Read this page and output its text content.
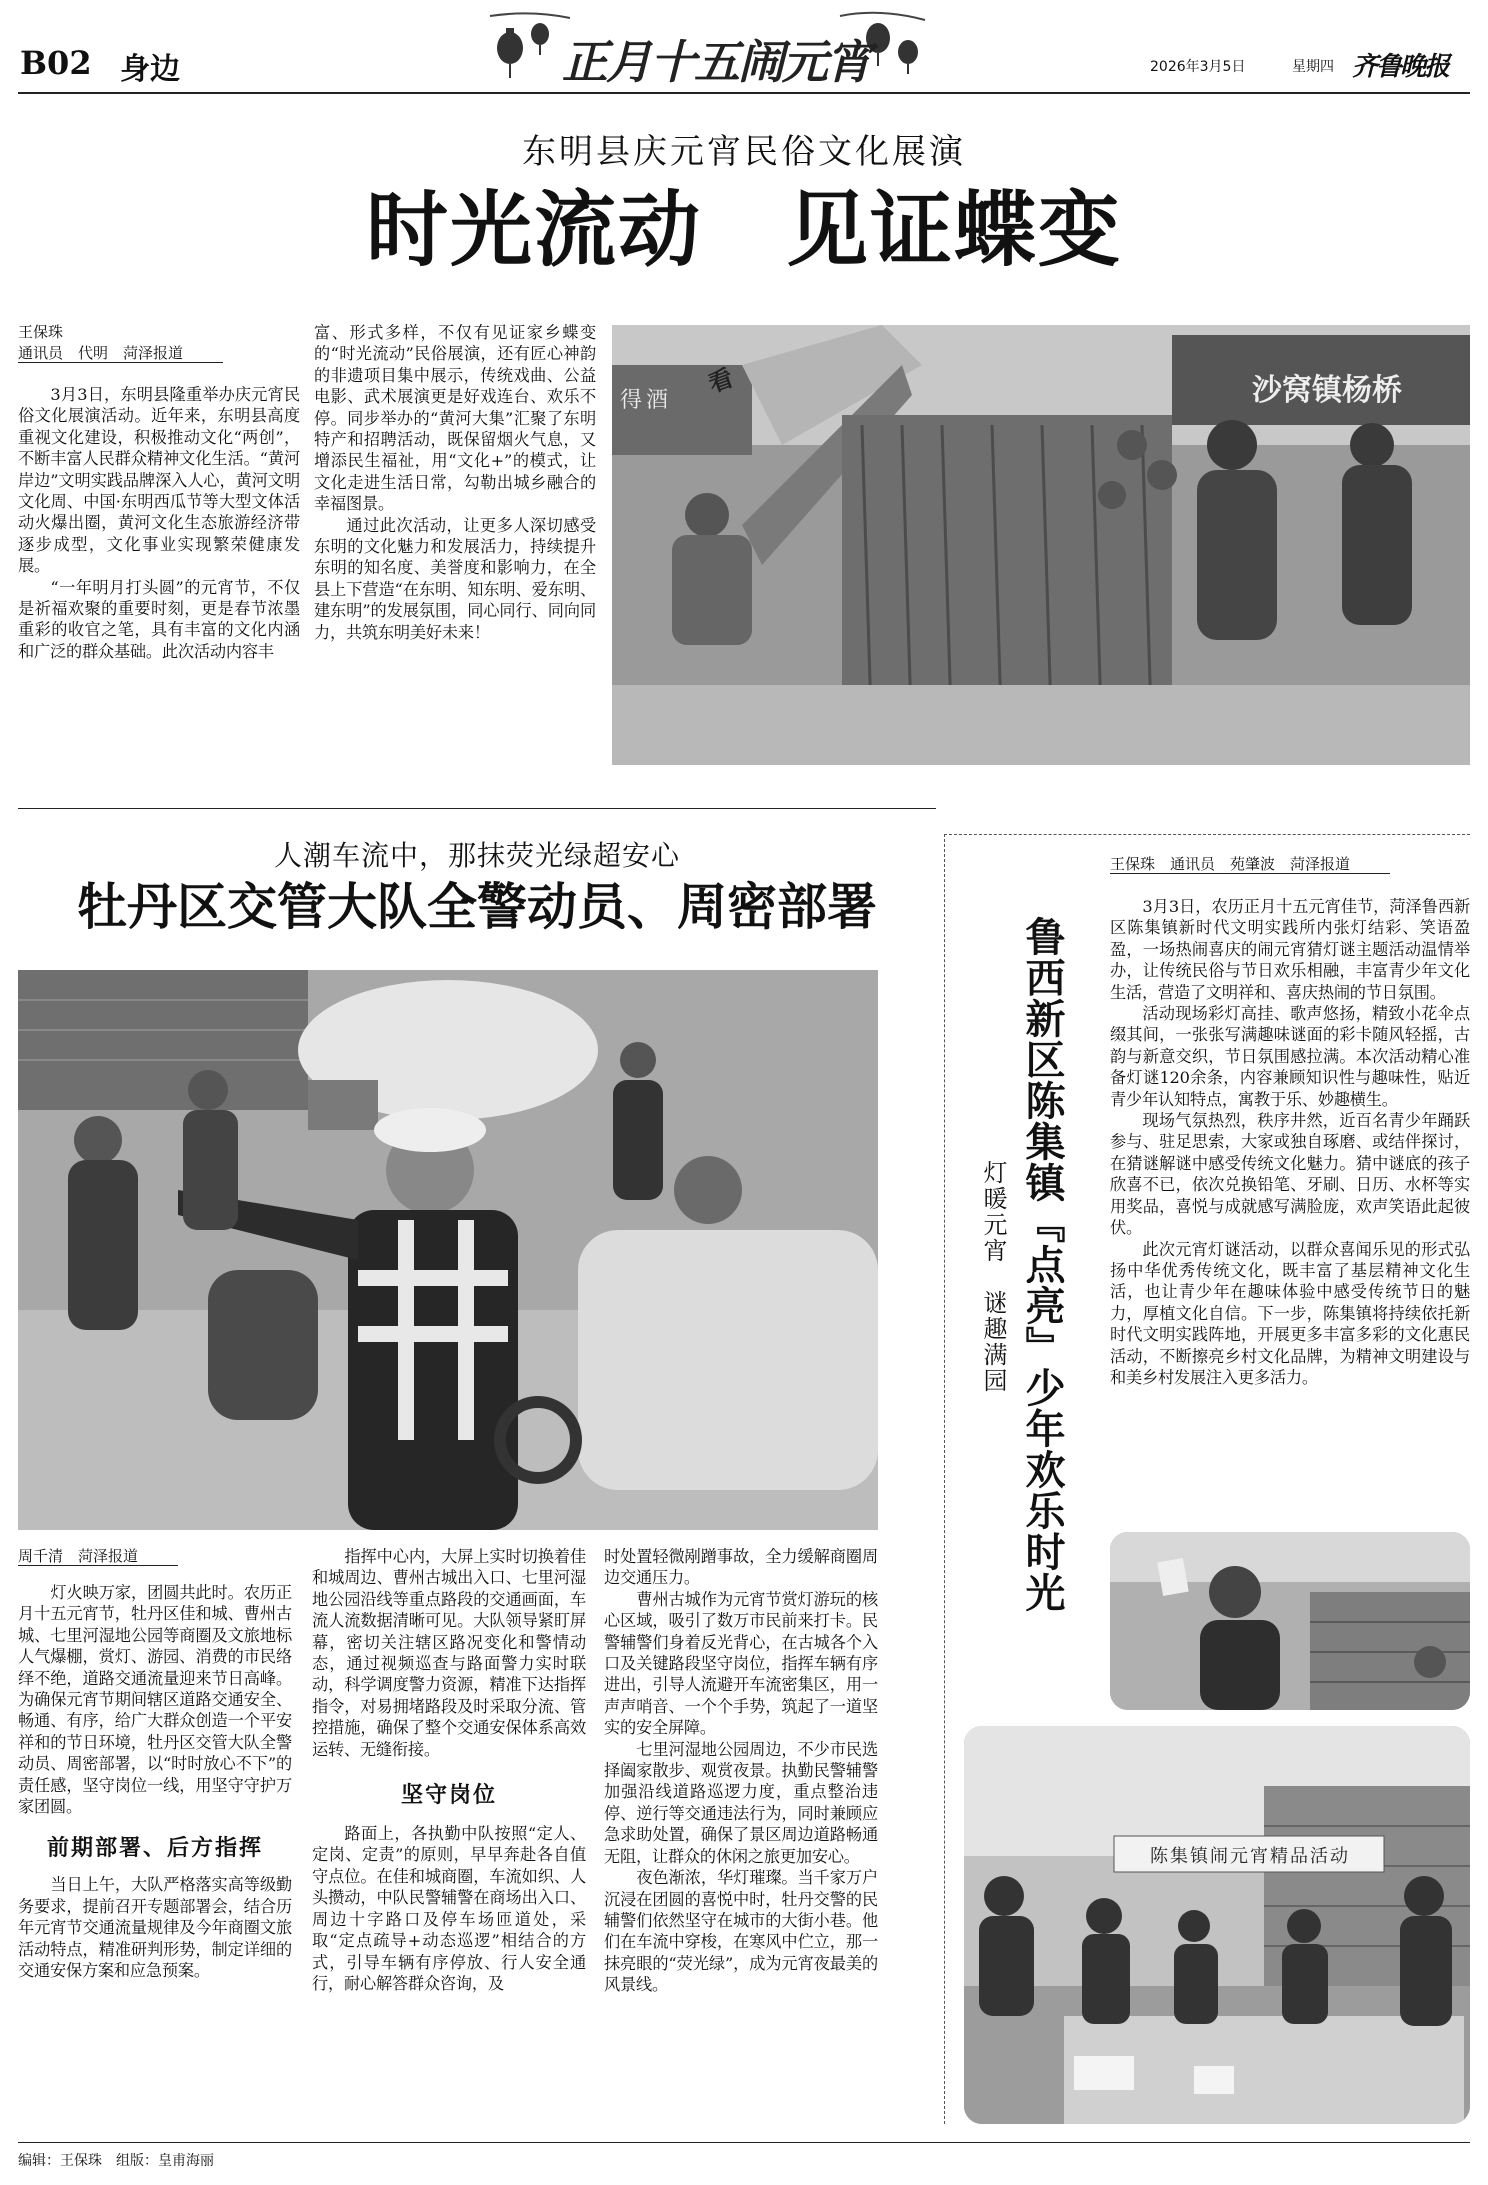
B02 身边	正月十五闹元宵	2026年3月5日	星期四 齐鲁晚报
东明县庆元宵民俗文化展演
时光流动　见证蝶变
王保珠
通讯员　代明　菏泽报道

3月3日，东明县隆重举办庆元宵民俗文化展演活动。近年来，东明县高度重视文化建设，积极推动文化“两创”，不断丰富人民群众精神文化生活。“黄河岸边”文明实践品牌深入人心，黄河文明文化周、中国·东明西瓜节等大型文体活动火爆出圈，黄河文化生态旅游经济带逐步成型，文化事业实现繁荣健康发展。

“一年明月打头圆”的元宵节，不仅是祈福欢聚的重要时刻，更是春节浓墨重彩的收官之笔，具有丰富的文化内涵和广泛的群众基础。此次活动内容丰

富、形式多样，不仅有见证家乡蝶变的“时光流动”民俗展演，还有匠心神韵的非遗项目集中展示，传统戏曲、公益电影、武术展演更是好戏连台、欢乐不停。同步举办的“黄河大集”汇聚了东明特产和招聘活动，既保留烟火气息，又增添民生福祉，用“文化+”的模式，让文化走进生活日常，勾勒出城乡融合的幸福图景。

通过此次活动，让更多人深切感受东明的文化魅力和发展活力，持续提升东明的知名度、美誉度和影响力，在全县上下营造“在东明、知东明、爱东明、建东明”的发展氛围，同心同行、同向同力，共筑东明美好未来！

看	沙窝镇杨桥
得酒
人潮车流中，那抹荧光绿超安心
牡丹区交管大队全警动员、周密部署
周千清　菏泽报道

灯火映万家，团圆共此时。农历正月十五元宵节，牡丹区佳和城、曹州古城、七里河湿地公园等商圈及文旅地标人气爆棚，赏灯、游园、消费的市民络绎不绝，道路交通流量迎来节日高峰。为确保元宵节期间辖区道路交通安全、畅通、有序，给广大群众创造一个平安祥和的节日环境，牡丹区交管大队全警动员、周密部署，以“时时放心不下”的责任感，坚守岗位一线，用坚守守护万家团圆。

前期部署、后方指挥

当日上午，大队严格落实高等级勤务要求，提前召开专题部署会，结合历年元宵节交通流量规律及今年商圈文旅活动特点，精准研判形势，制定详细的交通安保方案和应急预案。

指挥中心内，大屏上实时切换着佳和城周边、曹州古城出入口、七里河湿地公园沿线等重点路段的交通画面，车流人流数据清晰可见。大队领导紧盯屏幕，密切关注辖区路况变化和警情动态，通过视频巡查与路面警力实时联动，科学调度警力资源，精准下达指挥指令，对易拥堵路段及时采取分流、管控措施，确保了整个交通安保体系高效运转、无缝衔接。

坚守岗位

路面上，各执勤中队按照“定人、定岗、定责”的原则，早早奔赴各自值守点位。在佳和城商圈，车流如织、人头攒动，中队民警辅警在商场出入口、周边十字路口及停车场匝道处，采取“定点疏导+动态巡逻”相结合的方式，引导车辆有序停放、行人安全通行，耐心解答群众咨询，及

时处置轻微剐蹭事故，全力缓解商圈周边交通压力。

曹州古城作为元宵节赏灯游玩的核心区域，吸引了数万市民前来打卡。民警辅警们身着反光背心，在古城各个入口及关键路段坚守岗位，指挥车辆有序进出，引导人流避开车流密集区，用一声声哨音、一个个手势，筑起了一道坚实的安全屏障。

七里河湿地公园周边，不少市民选择阖家散步、观赏夜景。执勤民警辅警加强沿线道路巡逻力度，重点整治违停、逆行等交通违法行为，同时兼顾应急求助处置，确保了景区周边道路畅通无阻，让群众的休闲之旅更加安心。

夜色渐浓，华灯璀璨。当千家万户沉浸在团圆的喜悦中时，牡丹交警的民辅警们依然坚守在城市的大街小巷。他们在车流中穿梭，在寒风中伫立，那一抹亮眼的“荧光绿”，成为元宵夜最美的风景线。

王保珠　通讯员　苑肇波　菏泽报道
鲁西新区陈集镇『点亮』少年欢乐时光
灯暖元宵　谜趣满园

3月3日，农历正月十五元宵佳节，菏泽鲁西新区陈集镇新时代文明实践所内张灯结彩、笑语盈盈，一场热闹喜庆的闹元宵猜灯谜主题活动温情举办，让传统民俗与节日欢乐相融，丰富青少年文化生活，营造了文明祥和、喜庆热闹的节日氛围。

活动现场彩灯高挂、歌声悠扬，精致小花伞点缀其间，一张张写满趣味谜面的彩卡随风轻摇，古韵与新意交织，节日氛围感拉满。本次活动精心准备灯谜120余条，内容兼顾知识性与趣味性，贴近青少年认知特点，寓教于乐、妙趣横生。

现场气氛热烈，秩序井然，近百名青少年踊跃参与、驻足思索，大家或独自琢磨、或结伴探讨，在猜谜解谜中感受传统文化魅力。猜中谜底的孩子欣喜不已，依次兑换铅笔、牙刷、日历、水杯等实用奖品，喜悦与成就感写满脸庞，欢声笑语此起彼伏。

此次元宵灯谜活动，以群众喜闻乐见的形式弘扬中华优秀传统文化，既丰富了基层精神文化生活，也让青少年在趣味体验中感受传统节日的魅力，厚植文化自信。下一步，陈集镇将持续依托新时代文明实践阵地，开展更多丰富多彩的文化惠民活动，不断擦亮乡村文化品牌，为精神文明建设与和美乡村发展注入更多活力。

陈集镇闹元宵精品活动
编辑：王保珠　组版：皇甫海丽
